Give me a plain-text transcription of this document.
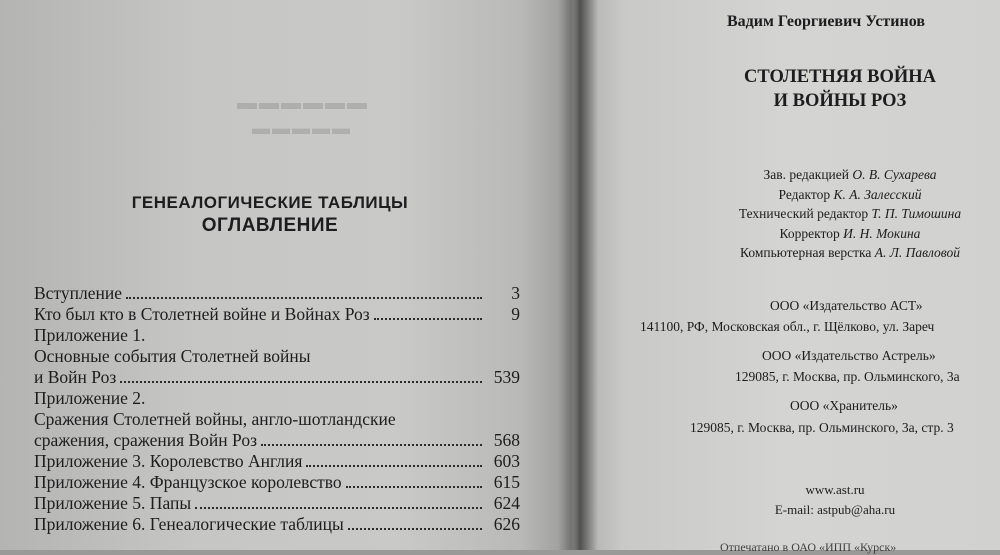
▬▬▬▬▬▬
▬▬▬▬▬
ГЕНЕАЛОГИЧЕСКИЕ ТАБЛИЦЫ
ОГЛАВЛЕНИЕ
Вступление	3
Кто был кто в Столетней войне и Войнах Роз	9
Приложение 1.
Основные события Столетней войны
и Войн Роз	539
Приложение 2.
Сражения Столетней войны, англо-шотландские
сражения, сражения Войн Роз	568
Приложение 3. Королевство Англия	603
Приложение 4. Французское королевство	615
Приложение 5. Папы	624
Приложение 6. Генеалогические таблицы	626
Вадим Георгиевич Устинов
СТОЛЕТНЯЯ ВОЙНА
И ВОЙНЫ РОЗ
Зав. редакцией О. В. Сухарева
Редактор К. А. Залесский
Технический редактор Т. П. Тимошина
Корректор И. Н. Мокина
Компьютерная верстка А. Л. Павловой
ООО «Издательство АСТ»
141100, РФ, Московская обл., г. Щёлково, ул. Зареч
ООО «Издательство Астрель»
129085, г. Москва, пр. Ольминского, 3а
ООО «Хранитель»
129085, г. Москва, пр. Ольминского, 3а, стр. 3
www.ast.ru
E-mail: astpub@aha.ru
Отпечатано в ОАО «ИПП «Курск»
